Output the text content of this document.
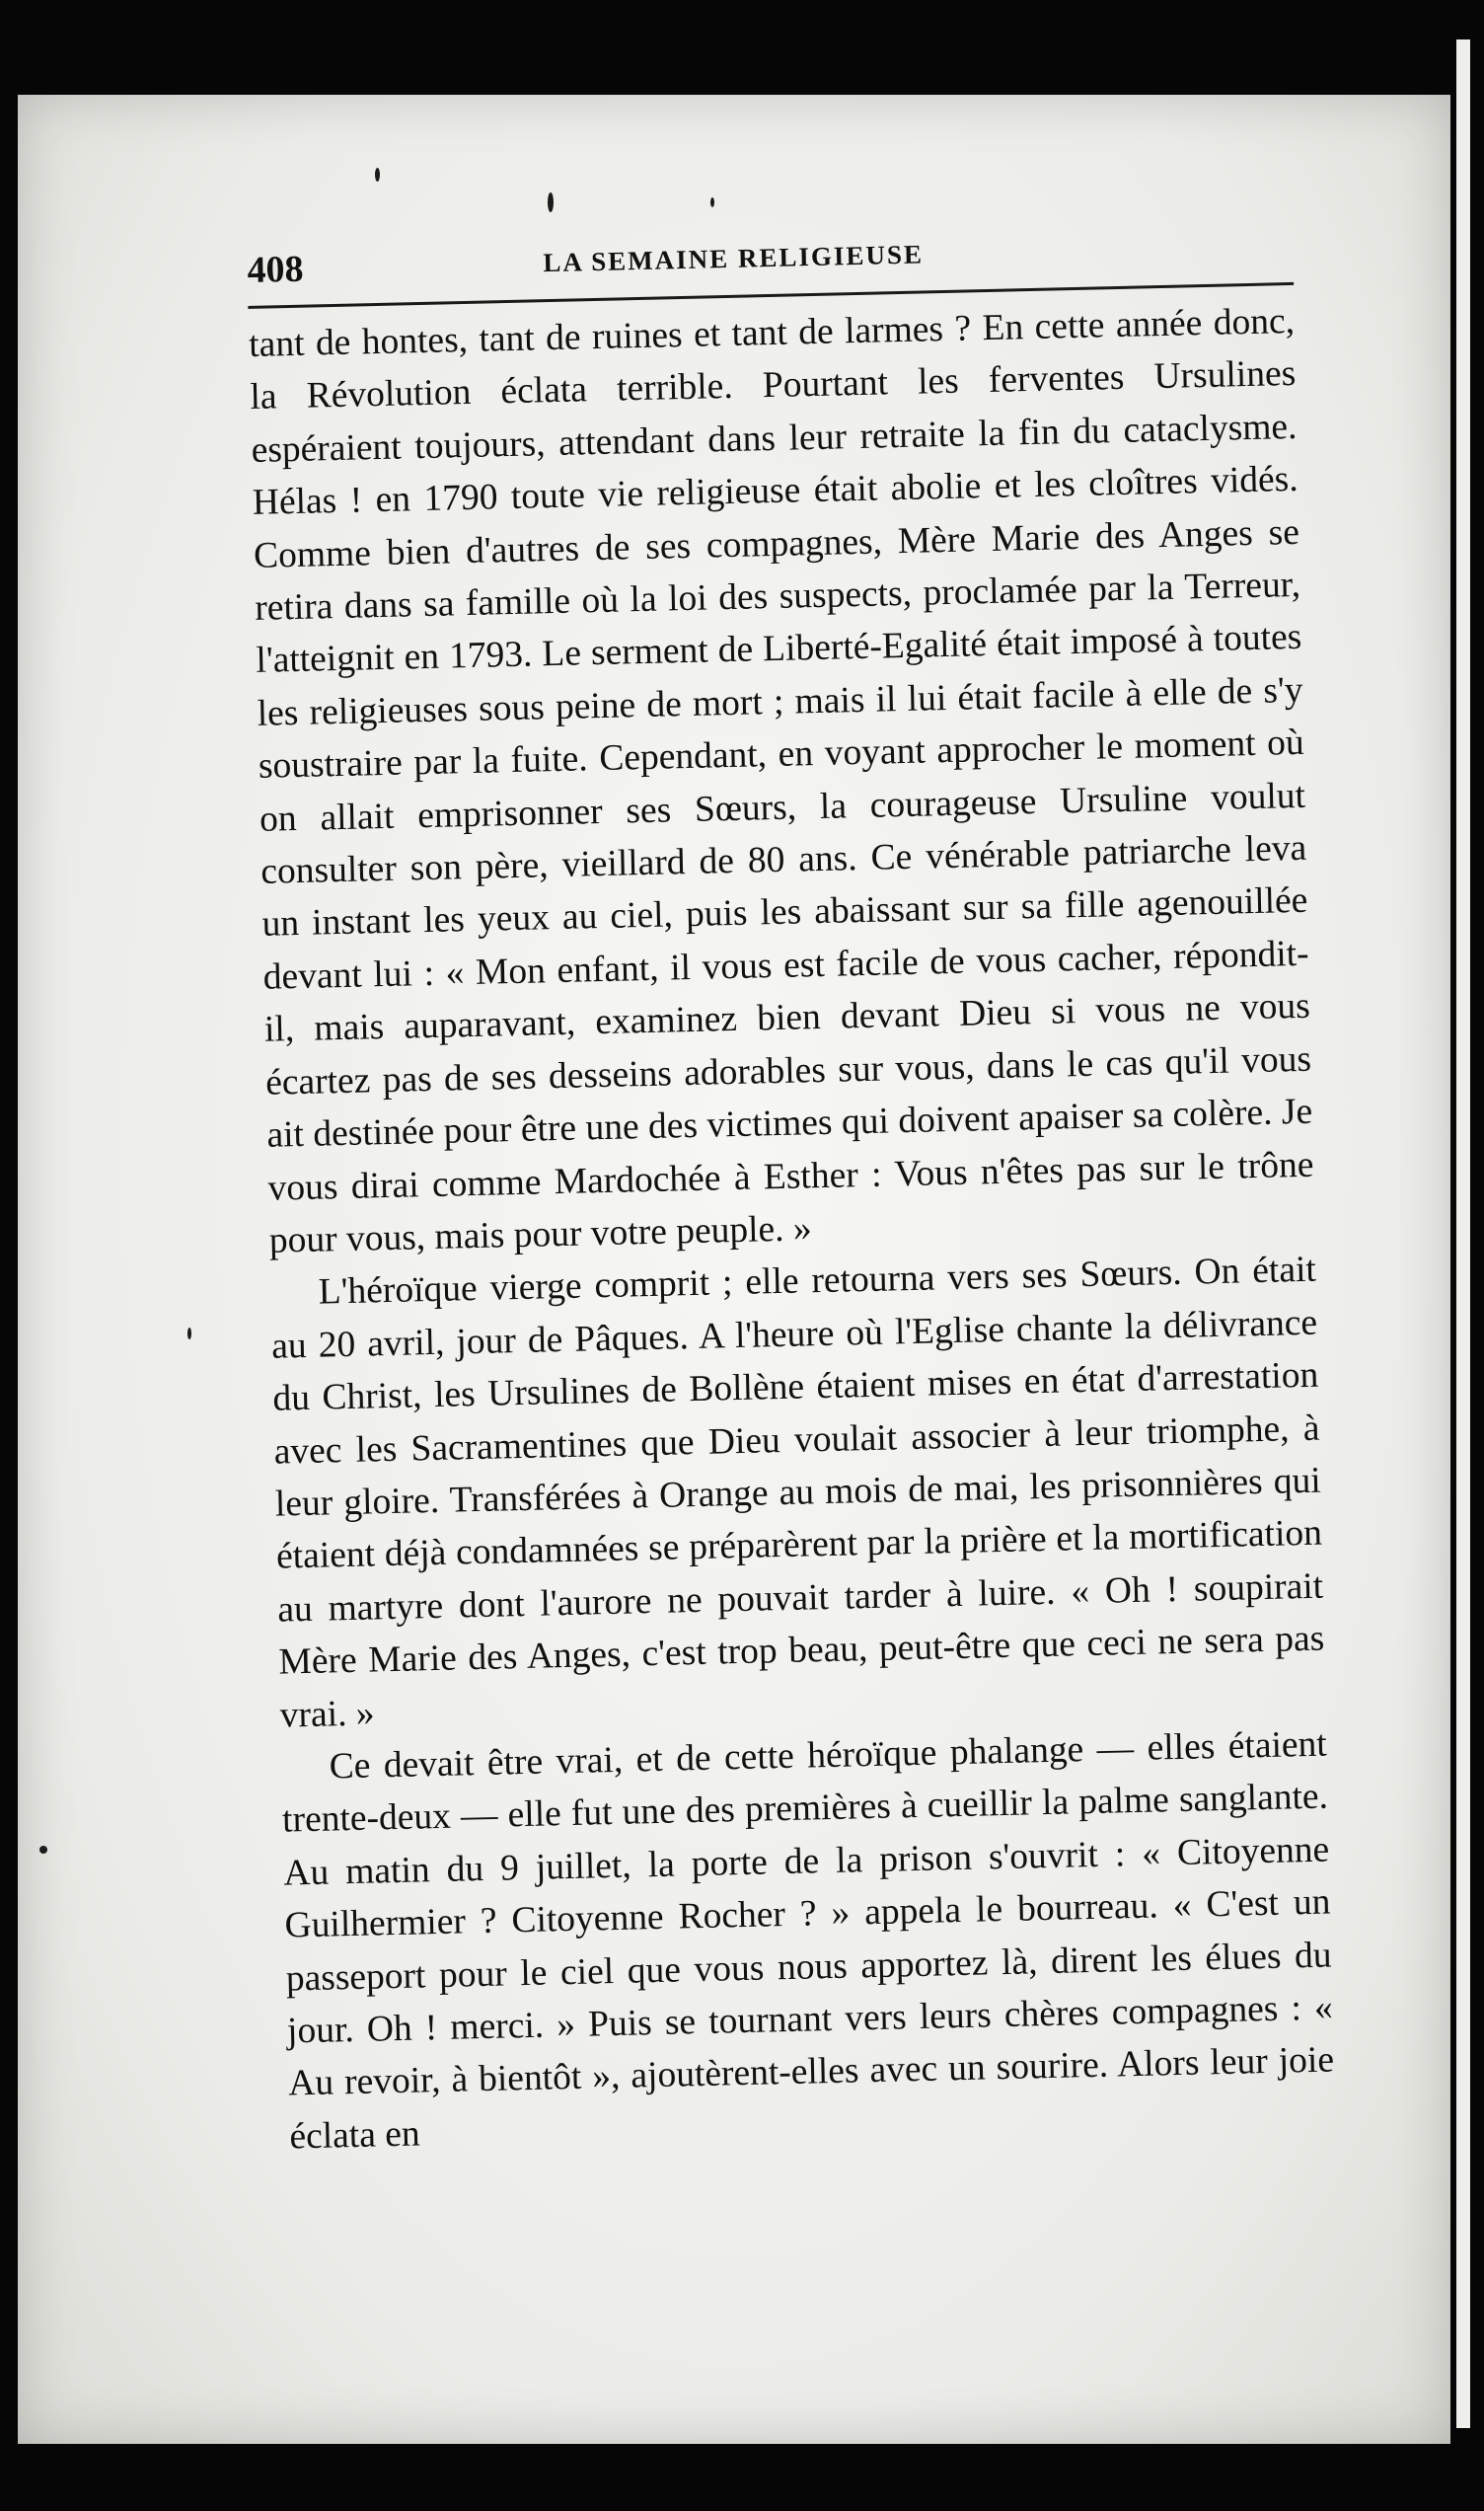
408	LA SEMAINE RELIGIEUSE

tant de hontes, tant de ruines et tant de larmes ? En cette année donc, la Révolution éclata terrible. Pourtant les ferventes Ursulines espéraient toujours, attendant dans leur retraite la fin du cataclysme. Hélas ! en 1790 toute vie religieuse était abolie et les cloîtres vidés. Comme bien d'autres de ses compagnes, Mère Marie des Anges se retira dans sa famille où la loi des suspects, proclamée par la Terreur, l'atteignit en 1793. Le serment de Liberté-Egalité était imposé à toutes les religieuses sous peine de mort ; mais il lui était facile à elle de s'y soustraire par la fuite. Cependant, en voyant approcher le moment où on allait emprisonner ses Sœurs, la courageuse Ursuline voulut consulter son père, vieillard de 80 ans. Ce vénérable patriarche leva un instant les yeux au ciel, puis les abaissant sur sa fille agenouillée devant lui : « Mon enfant, il vous est facile de vous cacher, répondit-il, mais auparavant, examinez bien devant Dieu si vous ne vous écartez pas de ses desseins adorables sur vous, dans le cas qu'il vous ait destinée pour être une des victimes qui doivent apaiser sa colère. Je vous dirai comme Mardochée à Esther : Vous n'êtes pas sur le trône pour vous, mais pour votre peuple. »

L'héroïque vierge comprit ; elle retourna vers ses Sœurs. On était au 20 avril, jour de Pâques. A l'heure où l'Eglise chante la délivrance du Christ, les Ursulines de Bollène étaient mises en état d'arrestation avec les Sacramentines que Dieu voulait associer à leur triomphe, à leur gloire. Transférées à Orange au mois de mai, les prisonnières qui étaient déjà condamnées se préparèrent par la prière et la mortification au martyre dont l'aurore ne pouvait tarder à luire. « Oh ! soupirait Mère Marie des Anges, c'est trop beau, peut-être que ceci ne sera pas vrai. »

Ce devait être vrai, et de cette héroïque phalange — elles étaient trente-deux — elle fut une des premières à cueillir la palme sanglante. Au matin du 9 juillet, la porte de la prison s'ouvrit : « Citoyenne Guilhermier ? Citoyenne Rocher ? » appela le bourreau. « C'est un passeport pour le ciel que vous nous apportez là, dirent les élues du jour. Oh ! merci. » Puis se tournant vers leurs chères compagnes : « Au revoir, à bientôt », ajoutèrent-elles avec un sourire. Alors leur joie éclata en
